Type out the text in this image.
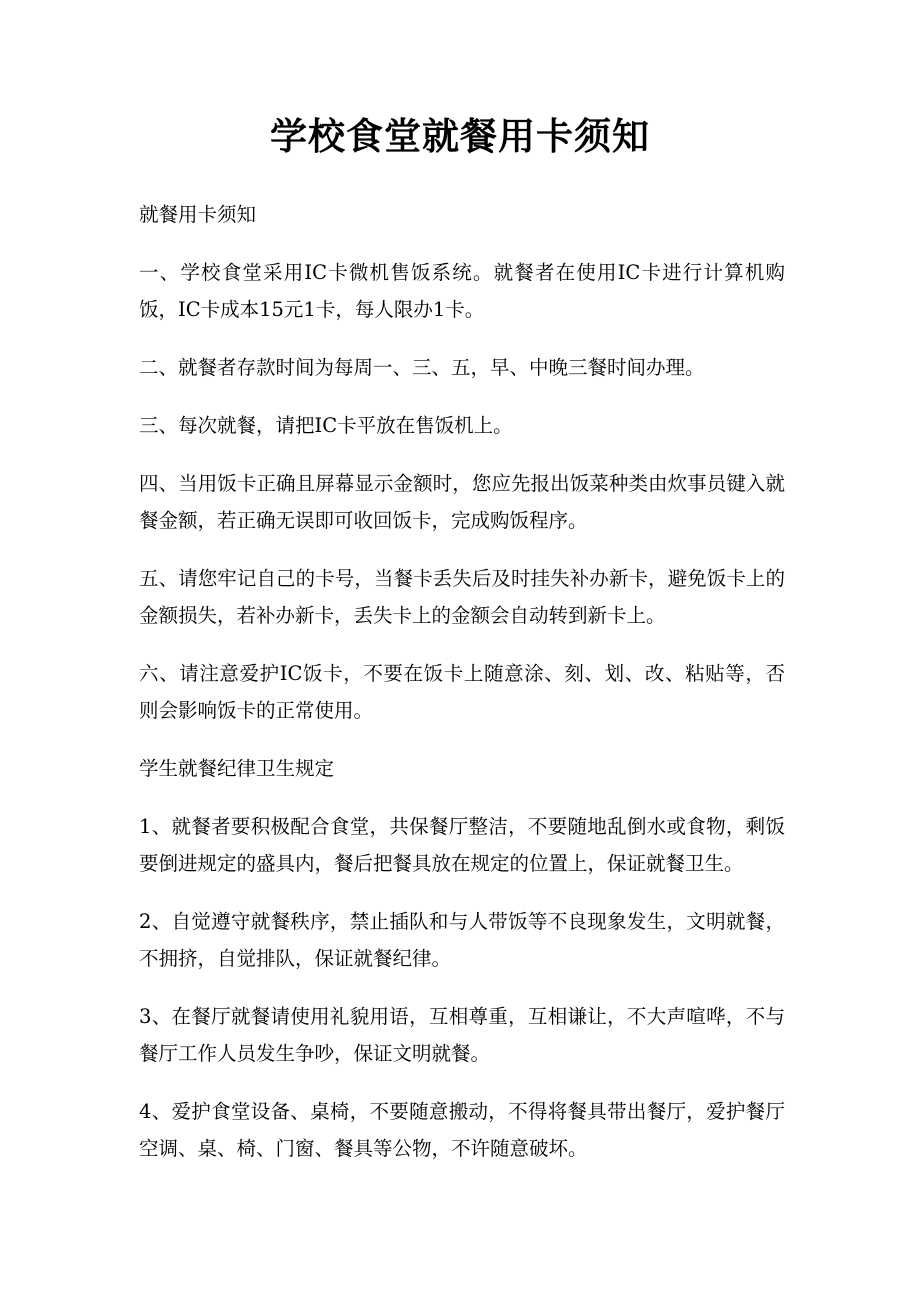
学校食堂就餐用卡须知

就餐用卡须知

一、学校食堂采用IC卡微机售饭系统。就餐者在使用IC卡进行计算机购饭，IC卡成本15元1卡，每人限办1卡。

二、就餐者存款时间为每周一、三、五，早、中晚三餐时间办理。

三、每次就餐，请把IC卡平放在售饭机上。

四、当用饭卡正确且屏幕显示金额时，您应先报出饭菜种类由炊事员键入就餐金额，若正确无误即可收回饭卡，完成购饭程序。

五、请您牢记自己的卡号，当餐卡丢失后及时挂失补办新卡，避免饭卡上的金额损失，若补办新卡，丢失卡上的金额会自动转到新卡上。

六、请注意爱护IC饭卡，不要在饭卡上随意涂、刻、划、改、粘贴等，否则会影响饭卡的正常使用。

学生就餐纪律卫生规定

1、就餐者要积极配合食堂，共保餐厅整洁，不要随地乱倒水或食物，剩饭要倒进规定的盛具内，餐后把餐具放在规定的位置上，保证就餐卫生。

2、自觉遵守就餐秩序，禁止插队和与人带饭等不良现象发生，文明就餐，不拥挤，自觉排队，保证就餐纪律。

3、在餐厅就餐请使用礼貌用语，互相尊重，互相谦让，不大声喧哗，不与餐厅工作人员发生争吵，保证文明就餐。

4、爱护食堂设备、桌椅，不要随意搬动，不得将餐具带出餐厅，爱护餐厅空调、桌、椅、门窗、餐具等公物，不许随意破坏。
